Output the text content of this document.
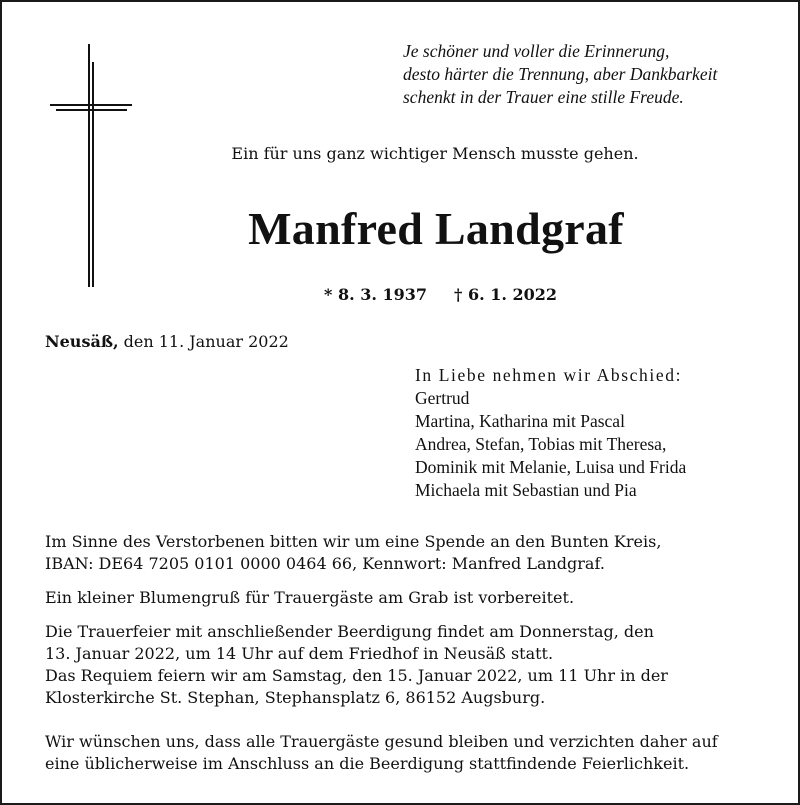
Je schöner und voller die Erinnerung,
desto härter die Trennung, aber Dankbarkeit
schenkt in der Trauer eine stille Freude.
Ein für uns ganz wichtiger Mensch musste gehen.
Manfred Landgraf
* 8. 3. 1937 † 6. 1. 2022
Neusäß, den 11. Januar 2022
In Liebe nehmen wir Abschied:
Gertrud
Martina, Katharina mit Pascal
Andrea, Stefan, Tobias mit Theresa,
Dominik mit Melanie, Luisa und Frida
Michaela mit Sebastian und Pia
Im Sinne des Verstorbenen bitten wir um eine Spende an den Bunten Kreis,
IBAN: DE64 7205 0101 0000 0464 66, Kennwort: Manfred Landgraf.
Ein kleiner Blumengruß für Trauergäste am Grab ist vorbereitet.
Die Trauerfeier mit anschließender Beerdigung findet am Donnerstag, den
13. Januar 2022, um 14 Uhr auf dem Friedhof in Neusäß statt.
Das Requiem feiern wir am Samstag, den 15. Januar 2022, um 11 Uhr in der
Klosterkirche St. Stephan, Stephansplatz 6, 86152 Augsburg.
Wir wünschen uns, dass alle Trauergäste gesund bleiben und verzichten daher auf
eine üblicherweise im Anschluss an die Beerdigung stattfindende Feierlichkeit.
